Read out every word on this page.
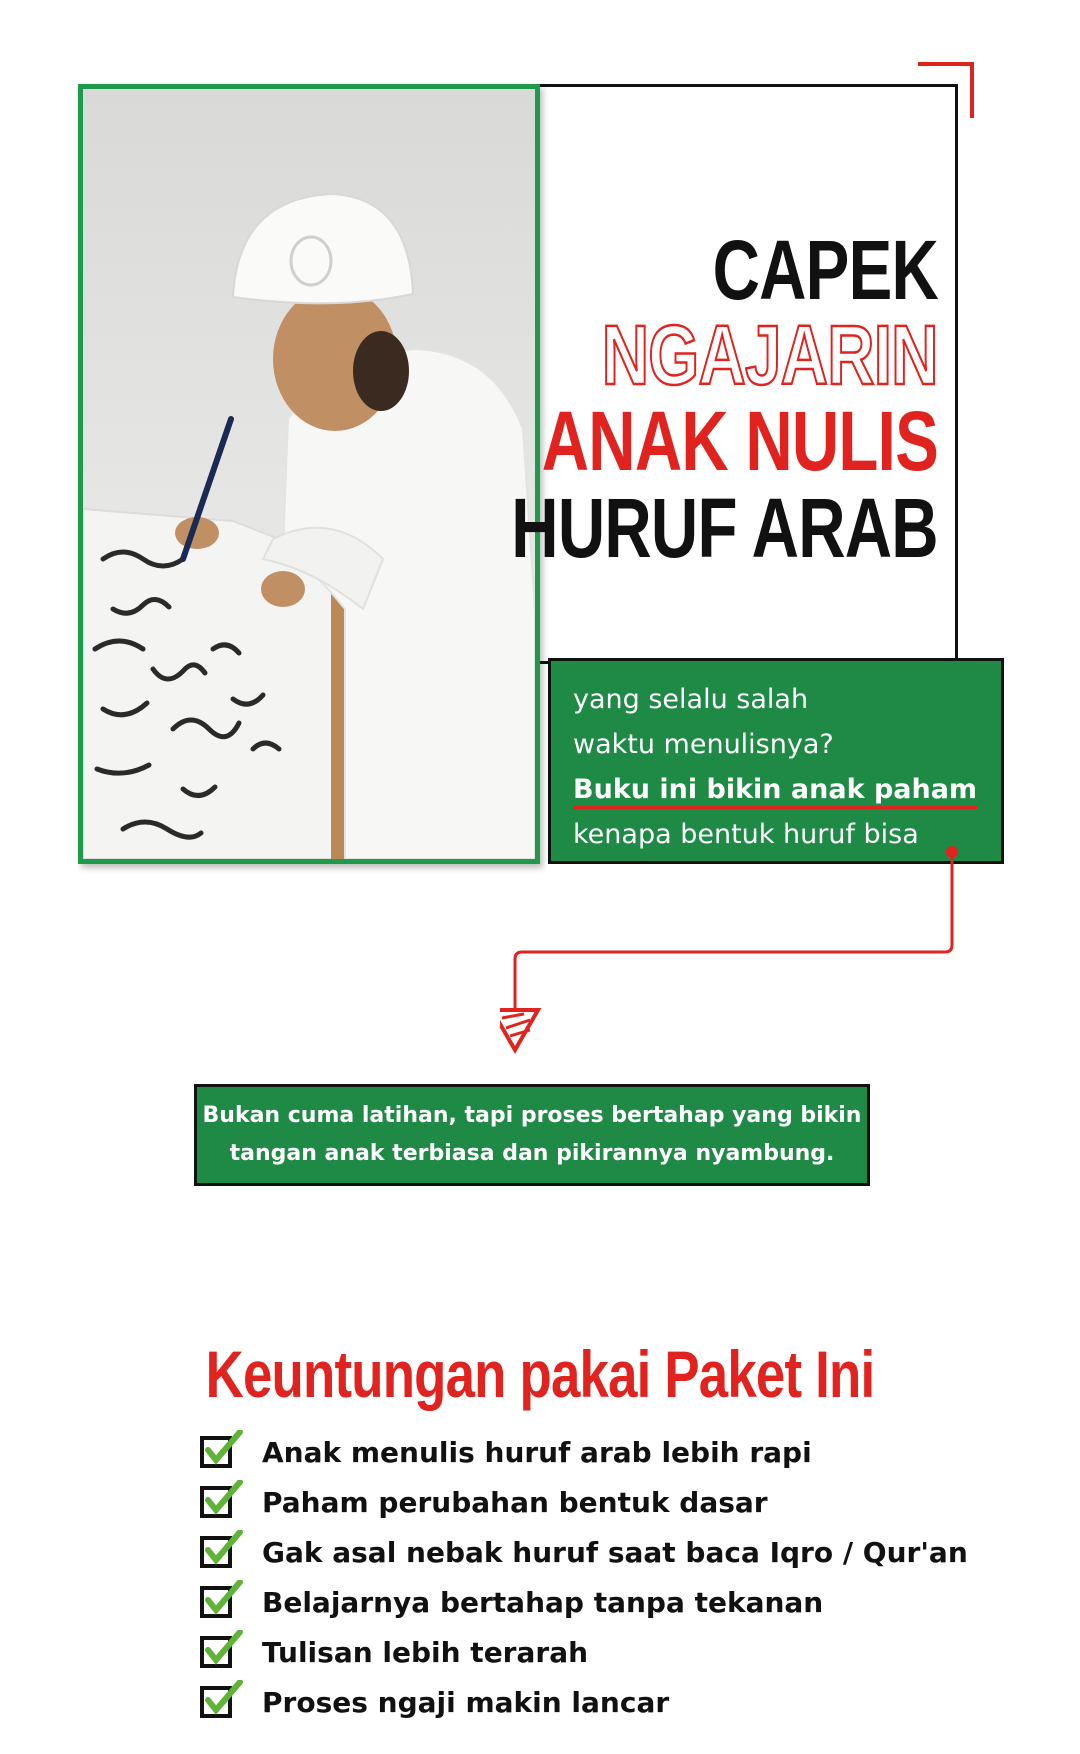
CAPEK
NGAJARIN
ANAK NULIS
HURUF ARAB
yang selalu salah
waktu menulisnya?
Buku ini bikin anak paham
kenapa bentuk huruf bisa beda.
Bukan cuma latihan, tapi proses bertahap yang bikin
tangan anak terbiasa dan pikirannya nyambung.
Keuntungan pakai Paket Ini
Anak menulis huruf arab lebih rapi
Paham perubahan bentuk dasar
Gak asal nebak huruf saat baca Iqro / Qur'an
Belajarnya bertahap tanpa tekanan
Tulisan lebih terarah
Proses ngaji makin lancar
